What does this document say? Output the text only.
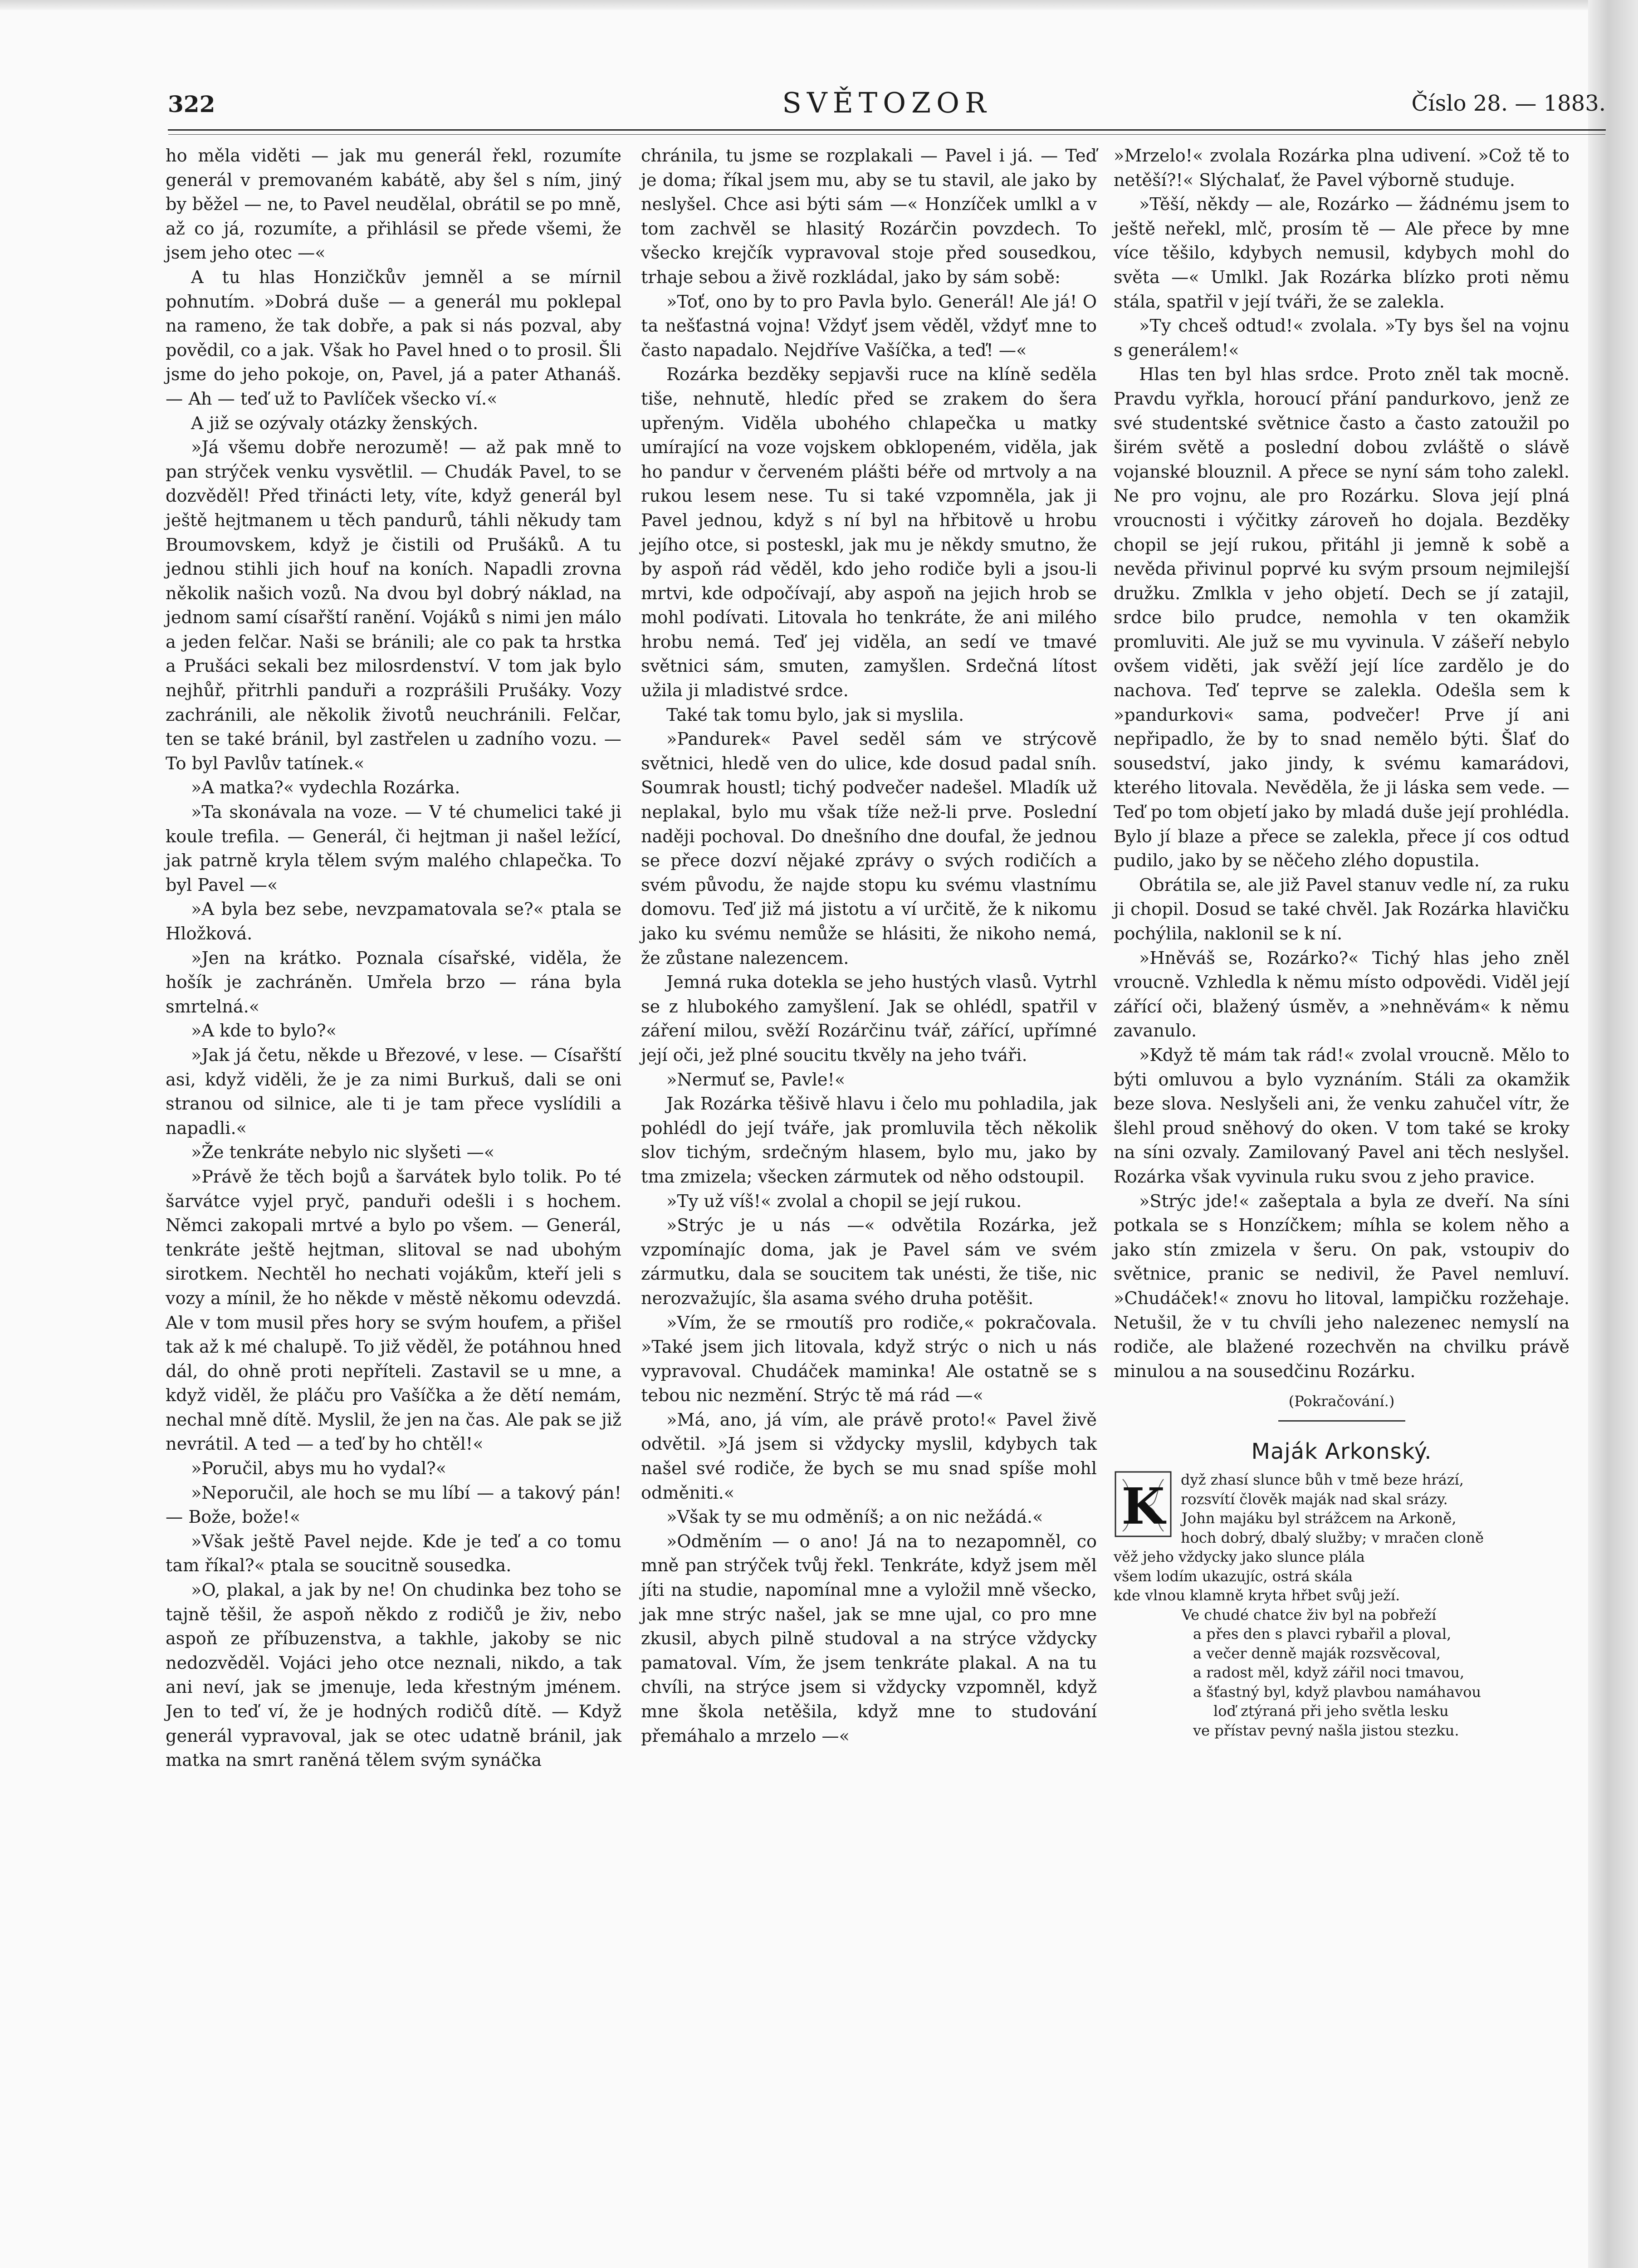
322	SVĚTOZOR	Číslo 28. — 1883.

ho měla viděti — jak mu generál řekl, rozumíte generál v premovaném kabátě, aby šel s ním, jiný by běžel — ne, to Pavel neudělal, obrátil se po mně, až co já, rozumíte, a přihlásil se přede všemi, že jsem jeho otec —«

A tu hlas Honzičkův jemněl a se mírnil pohnutím. »Dobrá duše — a generál mu poklepal na rameno, že tak dobře, a pak si nás pozval, aby povědil, co a jak. Však ho Pavel hned o to prosil. Šli jsme do jeho pokoje, on, Pavel, já a pater Athanáš. — Ah — teď už to Pavlíček všecko ví.«

A již se ozývaly otázky ženských.

»Já všemu dobře nerozumě! — až pak mně to pan strýček venku vysvětlil. — Chudák Pavel, to se dozvěděl! Před třinácti lety, víte, když generál byl ještě hejtmanem u těch pandurů, táhli někudy tam Broumovskem, když je čistili od Prušáků. A tu jednou stihli jich houf na koních. Napadli zrovna několik našich vozů. Na dvou byl dobrý náklad, na jednom samí císařští ranění. Vojáků s nimi jen málo a jeden felčar. Naši se bránili; ale co pak ta hrstka a Prušáci sekali bez milosrdenství. V tom jak bylo nejhůř, přitrhli panduři a rozprášili Prušáky. Vozy zachránili, ale několik životů neuchránili. Felčar, ten se také bránil, byl zastřelen u zadního vozu. — To byl Pavlův tatínek.«

»A matka?« vydechla Rozárka.

»Ta skonávala na voze. — V té chumelici také ji koule trefila. — Generál, či hejtman ji našel ležící, jak patrně kryla tělem svým malého chlapečka. To byl Pavel —«

»A byla bez sebe, nevzpamatovala se?« ptala se Hložková.

»Jen na krátko. Poznala císařské, viděla, že hošík je zachráněn. Umřela brzo — rána byla smrtelná.«

»A kde to bylo?«

»Jak já četu, někde u Březové, v lese. — Císařští asi, když viděli, že je za nimi Burkuš, dali se oni stranou od silnice, ale ti je tam přece vyslídili a napadli.«

»Že tenkráte nebylo nic slyšeti —«

»Právě že těch bojů a šarvátek bylo tolik. Po té šarvátce vyjel pryč, panduři odešli i s hochem. Němci zakopali mrtvé a bylo po všem. — Generál, tenkráte ještě hejtman, slitoval se nad ubohým sirotkem. Nechtěl ho nechati vojákům, kteří jeli s vozy a mínil, že ho někde v městě někomu odevzdá. Ale v tom musil přes hory se svým houfem, a přišel tak až k mé chalupě. To již věděl, že potáhnou hned dál, do ohně proti nepříteli. Zastavil se u mne, a když viděl, že pláču pro Vašíčka a že dětí nemám, nechal mně dítě. Myslil, že jen na čas. Ale pak se již nevrátil. A ted — a teď by ho chtěl!«

»Poručil, abys mu ho vydal?«

»Neporučil, ale hoch se mu líbí — a takový pán! — Bože, bože!«

»Však ještě Pavel nejde. Kde je teď a co tomu tam říkal?« ptala se soucitně sousedka.

»O, plakal, a jak by ne! On chudinka bez toho se tajně těšil, že aspoň někdo z rodičů je živ, nebo aspoň ze příbuzenstva, a takhle, jakoby se nic nedozvěděl. Vojáci jeho otce neznali, nikdo, a tak ani neví, jak se jmenuje, leda křestným jménem. Jen to teď ví, že je hodných rodičů dítě. — Když generál vypravoval, jak se otec udatně bránil, jak matka na smrt raněná tělem svým synáčka

chránila, tu jsme se rozplakali — Pavel i já. — Teď je doma; říkal jsem mu, aby se tu stavil, ale jako by neslyšel. Chce asi býti sám —« Honzíček umlkl a v tom zachvěl se hlasitý Rozárčin povzdech. To všecko krejčík vypravoval stoje před sousedkou, trhaje sebou a živě rozkládal, jako by sám sobě:

»Toť, ono by to pro Pavla bylo. Generál! Ale já! O ta nešťastná vojna! Vždyť jsem věděl, vždyť mne to často napadalo. Nejdříve Vašíčka, a teď! —«

Rozárka bezděky sepjavši ruce na klíně seděla tiše, nehnutě, hledíc před se zrakem do šera upřeným. Viděla ubohého chlapečka u matky umírající na voze vojskem obklopeném, viděla, jak ho pandur v červeném plášti béře od mrtvoly a na rukou lesem nese. Tu si také vzpomněla, jak ji Pavel jednou, když s ní byl na hřbitově u hrobu jejího otce, si posteskl, jak mu je někdy smutno, že by aspoň rád věděl, kdo jeho rodiče byli a jsou-li mrtvi, kde odpočívají, aby aspoň na jejich hrob se mohl podívati. Litovala ho tenkráte, že ani milého hrobu nemá. Teď jej viděla, an sedí ve tmavé světnici sám, smuten, zamyšlen. Srdečná lítost užila ji mladistvé srdce.

Také tak tomu bylo, jak si myslila.

»Pandurek« Pavel seděl sám ve strýcově světnici, hledě ven do ulice, kde dosud padal sníh. Soumrak houstl; tichý podvečer nadešel. Mladík už neplakal, bylo mu však tíže než-li prve. Poslední naději pochoval. Do dnešního dne doufal, že jednou se přece dozví nějaké zprávy o svých rodičích a svém původu, že najde stopu ku svému vlastnímu domovu. Teď již má jistotu a ví určitě, že k nikomu jako ku svému nemůže se hlásiti, že nikoho nemá, že zůstane nalezencem.

Jemná ruka dotekla se jeho hustých vlasů. Vytrhl se z hlubokého zamyšlení. Jak se ohlédl, spatřil v záření milou, svěží Rozárčinu tvář, zářící, upřímné její oči, jež plné soucitu tkvěly na jeho tváři.

»Nermuť se, Pavle!«

Jak Rozárka těšivě hlavu i čelo mu pohladila, jak pohlédl do její tváře, jak promluvila těch několik slov tichým, srdečným hlasem, bylo mu, jako by tma zmizela; všecken zármutek od něho odstoupil.

»Ty už víš!« zvolal a chopil se její rukou.

»Strýc je u nás —« odvětila Rozárka, jež vzpomínajíc doma, jak je Pavel sám ve svém zármutku, dala se soucitem tak unésti, že tiše, nic nerozvažujíc, šla asama svého druha potěšit.

»Vím, že se rmoutíš pro rodiče,« pokračovala. »Také jsem jich litovala, když strýc o nich u nás vypravoval. Chudáček maminka! Ale ostatně se s tebou nic nezmění. Strýc tě má rád —«

»Má, ano, já vím, ale právě proto!« Pavel živě odvětil. »Já jsem si vždycky myslil, kdybych tak našel své rodiče, že bych se mu snad spíše mohl odměniti.«

»Však ty se mu odměníš; a on nic nežádá.«

»Odměním — o ano! Já na to nezapomněl, co mně pan strýček tvůj řekl. Tenkráte, když jsem měl jíti na studie, napomínal mne a vyložil mně všecko, jak mne strýc našel, jak se mne ujal, co pro mne zkusil, abych pilně studoval a na strýce vždycky pamatoval. Vím, že jsem tenkráte plakal. A na tu chvíli, na strýce jsem si vždycky vzpomněl, když mne škola netěšila, když mne to studování přemáhalo a mrzelo —«

»Mrzelo!« zvolala Rozárka plna udivení. »Což tě to netěší?!« Slýchalať, že Pavel výborně studuje.

»Těší, někdy — ale, Rozárko — žádnému jsem to ještě neřekl, mlč, prosím tě — Ale přece by mne více těšilo, kdybych nemusil, kdybych mohl do světa —« Umlkl. Jak Rozárka blízko proti němu stála, spatřil v její tváři, že se zalekla.

»Ty chceš odtud!« zvolala. »Ty bys šel na vojnu s generálem!«

Hlas ten byl hlas srdce. Proto zněl tak mocně. Pravdu vyřkla, horoucí přání pandurkovo, jenž ze své studentské světnice často a často zatoužil po širém světě a poslední dobou zvláště o slávě vojanské blouznil. A přece se nyní sám toho zalekl. Ne pro vojnu, ale pro Rozárku. Slova její plná vroucnosti i výčitky zároveň ho dojala. Bezděky chopil se její rukou, přitáhl ji jemně k sobě a nevěda přivinul poprvé ku svým prsoum nejmilejší družku. Zmlkla v jeho objetí. Dech se jí zatajil, srdce bilo prudce, nemohla v ten okamžik promluviti. Ale juž se mu vyvinula. V zášeří nebylo ovšem viděti, jak svěží její líce zardělo je do nachova. Teď teprve se zalekla. Odešla sem k »pandurkovi« sama, podvečer! Prve jí ani nepřipadlo, že by to snad nemělo býti. Šlať do sousedství, jako jindy, k svému kamarádovi, kterého litovala. Nevěděla, že ji láska sem vede. — Teď po tom objetí jako by mladá duše její prohlédla. Bylo jí blaze a přece se zalekla, přece jí cos odtud pudilo, jako by se něčeho zlého dopustila.

Obrátila se, ale již Pavel stanuv vedle ní, za ruku ji chopil. Dosud se také chvěl. Jak Rozárka hlavičku pochýlila, naklonil se k ní.

»Hněváš se, Rozárko?« Tichý hlas jeho zněl vroucně. Vzhledla k němu místo odpovědi. Viděl její zářící oči, blažený úsměv, a »nehněvám« k němu zavanulo.

»Když tě mám tak rád!« zvolal vroucně. Mělo to býti omluvou a bylo vyznáním. Stáli za okamžik beze slova. Neslyšeli ani, že venku zahučel vítr, že šlehl proud sněhový do oken. V tom také se kroky na síni ozvaly. Zamilovaný Pavel ani těch neslyšel. Rozárka však vyvinula ruku svou z jeho pravice.

»Strýc jde!« zašeptala a byla ze dveří. Na síni potkala se s Honzíčkem; míhla se kolem něho a jako stín zmizela v šeru. On pak, vstoupiv do světnice, pranic se nedivil, že Pavel nemluví. »Chudáček!« znovu ho litoval, lampičku rozžehaje. Netušil, že v tu chvíli jeho nalezenec nemyslí na rodiče, ale blažené rozechvěn na chvilku právě minulou a na sousedčinu Rozárku.

(Pokračování.)

Maják Arkonský.

K	dyž zhasí slunce bůh v tmě beze hrází,
rozsvítí člověk maják nad skal srázy.
John majáku byl strážcem na Arkoně,
hoch dobrý, dbalý služby; v mračen cloně
věž jeho vždycky jako slunce plála
všem lodím ukazujíc, ostrá skála
kde vlnou klamně kryta hřbet svůj ježí.
Ve chudé chatce živ byl na pobřeží
a přes den s plavci rybařil a ploval,
a večer denně maják rozsvěcoval,
a radost měl, když zářil noci tmavou,
a šťastný byl, když plavbou namáhavou
loď ztýraná při jeho světla lesku
ve přístav pevný našla jistou stezku.
